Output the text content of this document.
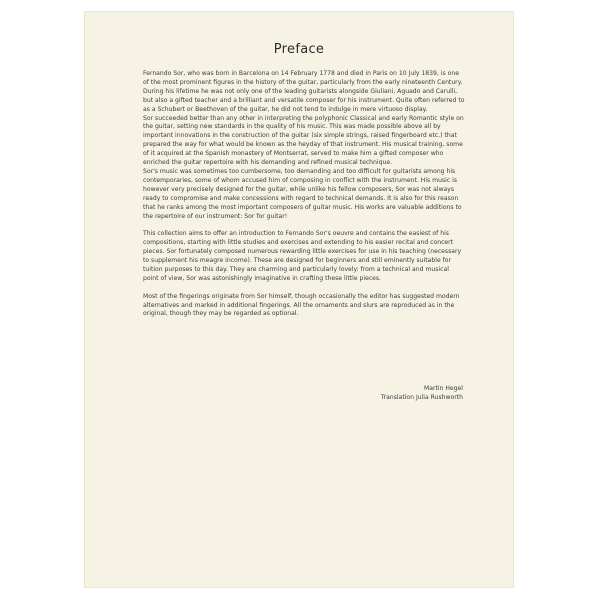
Preface

Fernando Sor, who was born in Barcelona on 14 February 1778 and died in Paris on 10 July 1839, is one of the most prominent figures in the history of the guitar, particularly from the early nineteenth Century. During his lifetime he was not only one of the leading guitarists alongside Giuliani, Aguado and Carulli, but also a gifted teacher and a brilliant and versatile composer for his instrument. Quite often referred to as a Schubert or Beethoven of the guitar, he did not tend to indulge in mere virtuoso display.

Sor succeeded better than any other in interpreting the polyphonic Classical and early Romantic style on the guitar, setting new standards in the quality of his music. This was made possible above all by important innovations in the construction of the guitar (six simple strings, raised fingerboard etc.) that prepared the way for what would be known as the heyday of that instrument. His musical training, some of it acquired at the Spanish monastery of Montserrat, served to make him a gifted composer who enriched the guitar repertoire with his demanding and refined musical technique.

Sor's music was sometimes too cumbersome, too demanding and too difficult for guitarists among his contemporaries, some of whom accused him of composing in conflict with the instrument. His music is however very precisely designed for the guitar, while unlike his fellow composers, Sor was not always ready to compromise and make concessions with regard to technical demands. It is also for this reason that he ranks among the most important composers of guitar music. His works are valuable additions to the repertoire of our instrument: Sor for guitar!

This collection aims to offer an introduction to Fernando Sor's oeuvre and contains the easiest of his compositions, starting with little studies and exercises and extending to his easier recital and concert pieces. Sor fortunately composed numerous rewarding little exercises for use in his teaching (necessary to supplement his meagre income). These are designed for beginners and still eminently suitable for tuition purposes to this day. They are charming and particularly lovely: from a technical and musical point of view, Sor was astonishingly imaginative in crafting these little pieces.

Most of the fingerings originate from Sor himself, though occasionally the editor has suggested modern alternatives and marked in additional fingerings. All the ornaments and slurs are reproduced as in the original, though they may be regarded as optional.

Martin Hegel
Translation Julia Rushworth
